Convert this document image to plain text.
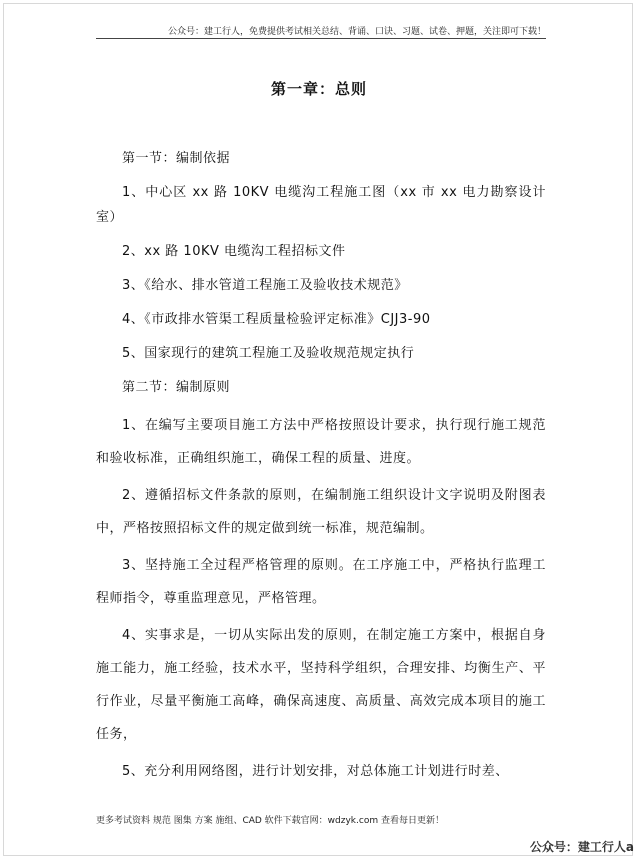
公众号：建工行人，免费提供考试相关总结、背诵、口诀、习题、试卷、押题，关注即可下载！
第一章：总则

第一节：编制依据

1、中心区 xx 路 10KV 电缆沟工程施工图（xx 市 xx 电力勘察设计室）

2、xx 路 10KV 电缆沟工程招标文件

3、《给水、排水管道工程施工及验收技术规范》

4、《市政排水管渠工程质量检验评定标准》CJJ3-90

5、国家现行的建筑工程施工及验收规范规定执行

第二节：编制原则

1、在编写主要项目施工方法中严格按照设计要求，执行现行施工规范和验收标准，正确组织施工，确保工程的质量、进度。

2、遵循招标文件条款的原则，在编制施工组织设计文字说明及附图表中，严格按照招标文件的规定做到统一标准，规范编制。

3、坚持施工全过程严格管理的原则。在工序施工中，严格执行监理工程师指令，尊重监理意见，严格管理。

4、实事求是，一切从实际出发的原则，在制定施工方案中，根据自身施工能力，施工经验，技术水平，坚持科学组织，合理安排、均衡生产、平行作业，尽量平衡施工高峰，确保高速度、高质量、高效完成本项目的施工任务，

5、充分利用网络图，进行计划安排，对总体施工计划进行时差、

更多考试资料 规范 图集 方案 施组、CAD 软件下载官网：wdzyk.com 查看每日更新！
公众号：建工行人a
